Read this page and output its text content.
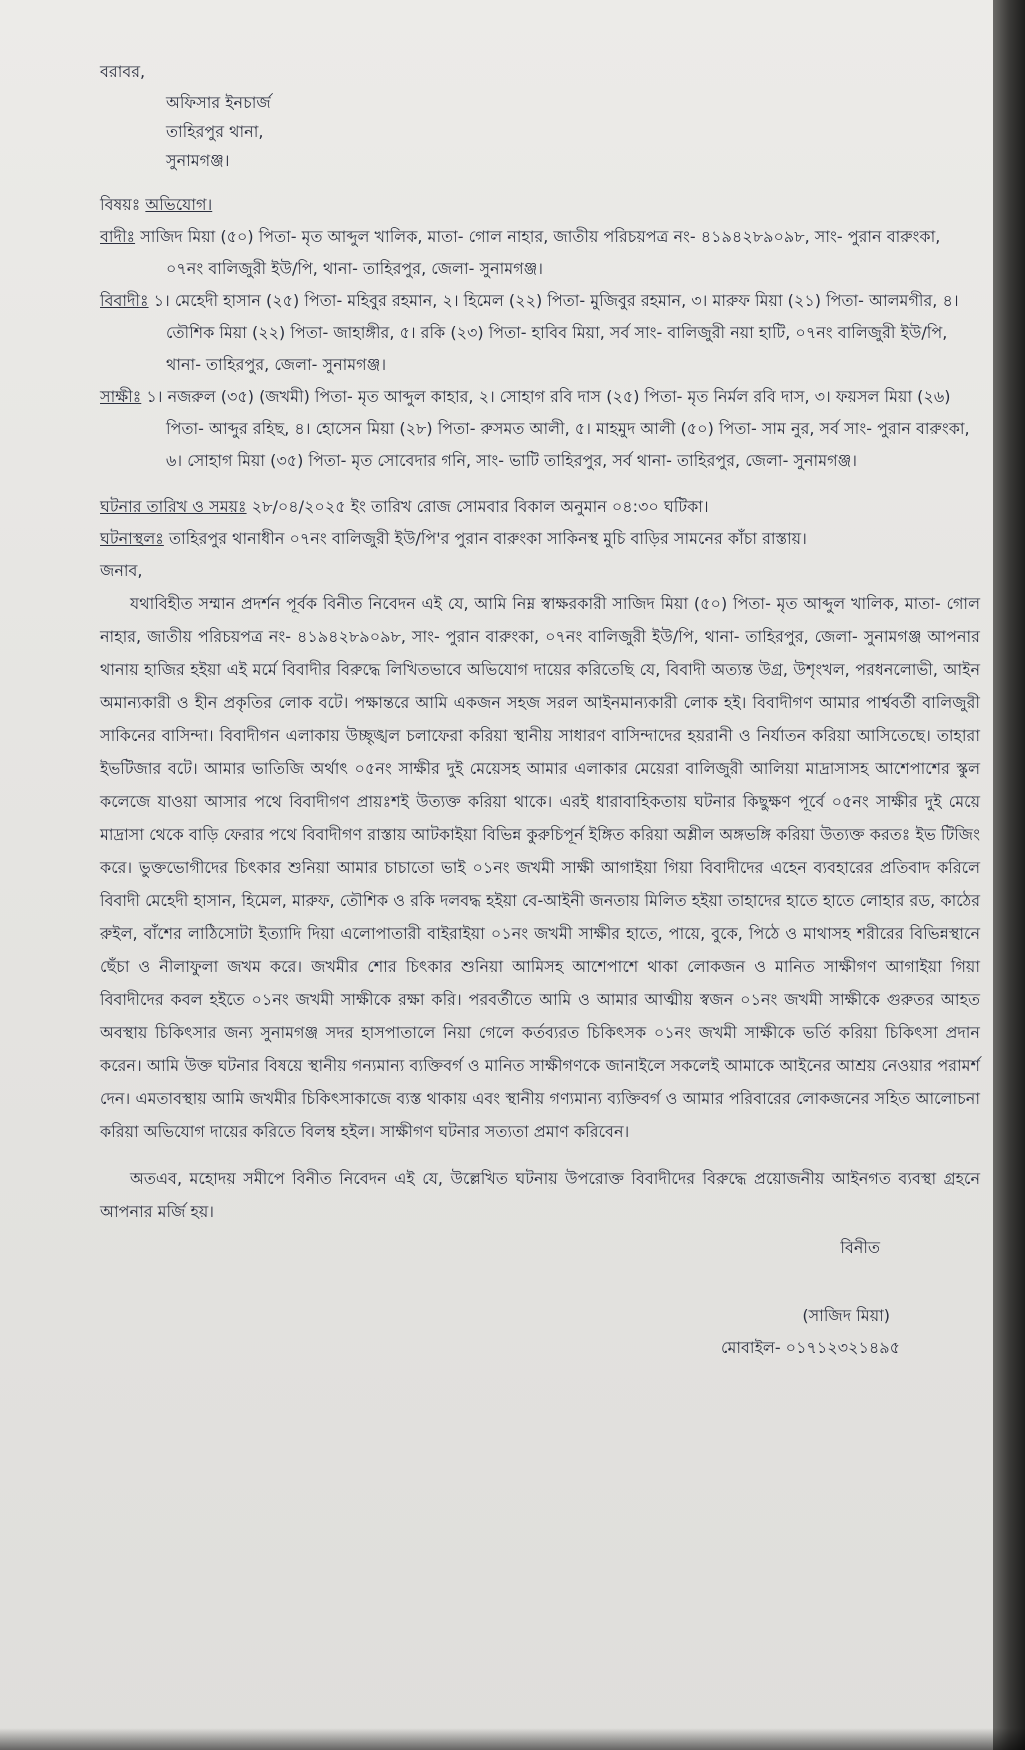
বরাবর,

অফিসার ইনচার্জ

তাহিরপুর থানা,

সুনামগঞ্জ।

বিষয়ঃ অভিযোগ।

বাদীঃ সাজিদ মিয়া (৫০) পিতা- মৃত আব্দুল খালিক, মাতা- গোল নাহার, জাতীয় পরিচয়পত্র নং- ৪১৯৪২৮৯০৯৮, সাং- পুরান বারুংকা, ০৭নং বালিজুরী ইউ/পি, থানা- তাহিরপুর, জেলা- সুনামগঞ্জ।

বিবাদীঃ ১। মেহেদী হাসান (২৫) পিতা- মহিবুর রহমান, ২। হিমেল (২২) পিতা- মুজিবুর রহমান, ৩। মারুফ মিয়া (২১) পিতা- আলমগীর, ৪। তৌশিক মিয়া (২২) পিতা- জাহাঙ্গীর, ৫। রকি (২৩) পিতা- হাবিব মিয়া, সর্ব সাং- বালিজুরী নয়া হাটি, ০৭নং বালিজুরী ইউ/পি, থানা- তাহিরপুর, জেলা- সুনামগঞ্জ।

সাক্ষীঃ ১। নজরুল (৩৫) (জখমী) পিতা- মৃত আব্দুল কাহার, ২। সোহাগ রবি দাস (২৫) পিতা- মৃত নির্মল রবি দাস, ৩। ফয়সল মিয়া (২৬) পিতা- আব্দুর রহিছ, ৪। হোসেন মিয়া (২৮) পিতা- রুসমত আলী, ৫। মাহমুদ আলী (৫০) পিতা- সাম নুর, সর্ব সাং- পুরান বারুংকা, ৬। সোহাগ মিয়া (৩৫) পিতা- মৃত সোবেদার গনি, সাং- ভাটি তাহিরপুর, সর্ব থানা- তাহিরপুর, জেলা- সুনামগঞ্জ।

ঘটনার তারিখ ও সময়ঃ ২৮/০৪/২০২৫ ইং তারিখ রোজ সোমবার বিকাল অনুমান ০৪:৩০ ঘটিকা।

ঘটনাস্থলঃ তাহিরপুর থানাধীন ০৭নং বালিজুরী ইউ/পি'র পুরান বারুংকা সাকিনস্থ মুচি বাড়ির সামনের কাঁচা রাস্তায়।

জনাব,

যথাবিহীত সম্মান প্রদর্শন পূর্বক বিনীত নিবেদন এই যে, আমি নিম্ন স্বাক্ষরকারী সাজিদ মিয়া (৫০) পিতা- মৃত আব্দুল খালিক, মাতা- গোল নাহার, জাতীয় পরিচয়পত্র নং- ৪১৯৪২৮৯০৯৮, সাং- পুরান বারুংকা, ০৭নং বালিজুরী ইউ/পি, থানা- তাহিরপুর, জেলা- সুনামগঞ্জ আপনার থানায় হাজির হইয়া এই মর্মে বিবাদীর বিরুদ্ধে লিখিতভাবে অভিযোগ দায়ের করিতেছি যে, বিবাদী অত্যন্ত উগ্র, উশৃংখল, পরধনলোভী, আইন অমান্যকারী ও হীন প্রকৃতির লোক বটে। পক্ষান্তরে আমি একজন সহজ সরল আইনমান্যকারী লোক হই। বিবাদীগণ আমার পার্শ্ববর্তী বালিজুরী সাকিনের বাসিন্দা। বিবাদীগন এলাকায় উচ্ছৃঙ্খল চলাফেরা করিয়া স্থানীয় সাধারণ বাসিন্দাদের হয়রানী ও নির্যাতন করিয়া আসিতেছে। তাহারা ইভটিজার বটে। আমার ভাতিজি অর্থাৎ ০৫নং সাক্ষীর দুই মেয়েসহ আমার এলাকার মেয়েরা বালিজুরী আলিয়া মাদ্রাসাসহ আশেপাশের স্কুল কলেজে যাওয়া আসার পথে বিবাদীগণ প্রায়ঃশই উত্যক্ত করিয়া থাকে। এরই ধারাবাহিকতায় ঘটনার কিছুক্ষণ পূর্বে ০৫নং সাক্ষীর দুই মেয়ে মাদ্রাসা থেকে বাড়ি ফেরার পথে বিবাদীগণ রাস্তায় আটকাইয়া বিভিন্ন কুরুচিপূর্ন ইঙ্গিত করিয়া অশ্লীল অঙ্গভঙ্গি করিয়া উত্যক্ত করতঃ ইভ টিজিং করে। ভুক্তভোগীদের চিৎকার শুনিয়া আমার চাচাতো ভাই ০১নং জখমী সাক্ষী আগাইয়া গিয়া বিবাদীদের এহেন ব্যবহারের প্রতিবাদ করিলে বিবাদী মেহেদী হাসান, হিমেল, মারুফ, তৌশিক ও রকি দলবদ্ধ হইয়া বে-আইনী জনতায় মিলিত হইয়া তাহাদের হাতে হাতে লোহার রড, কাঠের রুইল, বাঁশের লাঠিসোটা ইত্যাদি দিয়া এলোপাতারী বাইরাইয়া ০১নং জখমী সাক্ষীর হাতে, পায়ে, বুকে, পিঠে ও মাথাসহ শরীরের বিভিন্নস্থানে ছেঁচা ও নীলাফুলা জখম করে। জখমীর শোর চিৎকার শুনিয়া আমিসহ আশেপাশে থাকা লোকজন ও মানিত সাক্ষীগণ আগাইয়া গিয়া বিবাদীদের কবল হইতে ০১নং জখমী সাক্ষীকে রক্ষা করি। পরবর্তীতে আমি ও আমার আত্মীয় স্বজন ০১নং জখমী সাক্ষীকে গুরুতর আহত অবস্থায় চিকিৎসার জন্য সুনামগঞ্জ সদর হাসপাতালে নিয়া গেলে কর্তব্যরত চিকিৎসক ০১নং জখমী সাক্ষীকে ভর্তি করিয়া চিকিৎসা প্রদান করেন। আমি উক্ত ঘটনার বিষয়ে স্থানীয় গন্যমান্য ব্যক্তিবর্গ ও মানিত সাক্ষীগণকে জানাইলে সকলেই আমাকে আইনের আশ্রয় নেওয়ার পরামর্শ দেন। এমতাবস্থায় আমি জখমীর চিকিৎসাকাজে ব্যস্ত থাকায় এবং স্থানীয় গণ্যমান্য ব্যক্তিবর্গ ও আমার পরিবারের লোকজনের সহিত আলোচনা করিয়া অভিযোগ দায়ের করিতে বিলম্ব হইল। সাক্ষীগণ ঘটনার সত্যতা প্রমাণ করিবেন।

অতএব, মহোদয় সমীপে বিনীত নিবেদন এই যে, উল্লেখিত ঘটনায় উপরোক্ত বিবাদীদের বিরুদ্ধে প্রয়োজনীয় আইনগত ব্যবস্থা গ্রহনে আপনার মর্জি হয়।

বিনীত

(সাজিদ মিয়া)

মোবাইল- ০১৭১২৩২১৪৯৫
